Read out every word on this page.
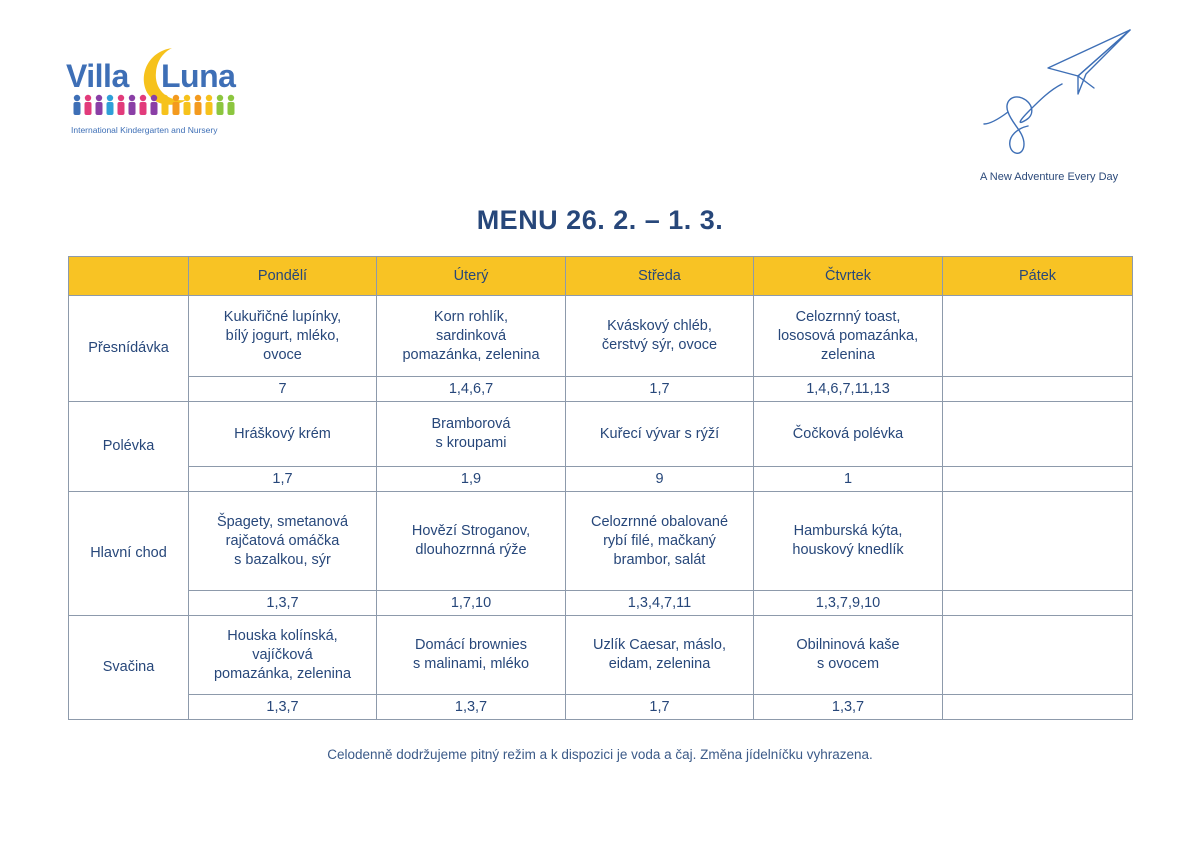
Villa Luna
International Kindergarten and Nursery
A New Adventure Every Day
MENU 26. 2. – 1. 3.
	Pondělí	Úterý	Středa	Čtvrtek	Pátek
Přesnídávka	Kukuřičné lupínky,
bílý jogurt, mléko,
ovoce	Korn rohlík,
sardinková
pomazánka, zelenina	Kváskový chléb,
čerstvý sýr, ovoce	Celozrnný toast,
lososová pomazánka,
zelenina	
	7	1,4,6,7	1,7	1,4,6,7,11,13	
Polévka	Hráškový krém	Bramborová
s kroupami	Kuřecí vývar s rýží	Čočková polévka	
	1,7	1,9	9	1	
Hlavní chod	Špagety, smetanová
rajčatová omáčka
s bazalkou, sýr	Hovězí Stroganov,
dlouhozrnná rýže	Celozrnné obalované
rybí filé, mačkaný
brambor, salát	Hamburská kýta,
houskový knedlík	
	1,3,7	1,7,10	1,3,4,7,11	1,3,7,9,10	
Svačina	Houska kolínská,
vajíčková
pomazánka, zelenina	Domácí brownies
s malinami, mléko	Uzlík Caesar, máslo,
eidam, zelenina	Obilninová kaše
s ovocem	
	1,3,7	1,3,7	1,7	1,3,7	
Celodenně dodržujeme pitný režim a k dispozici je voda a čaj. Změna jídelníčku vyhrazena.
